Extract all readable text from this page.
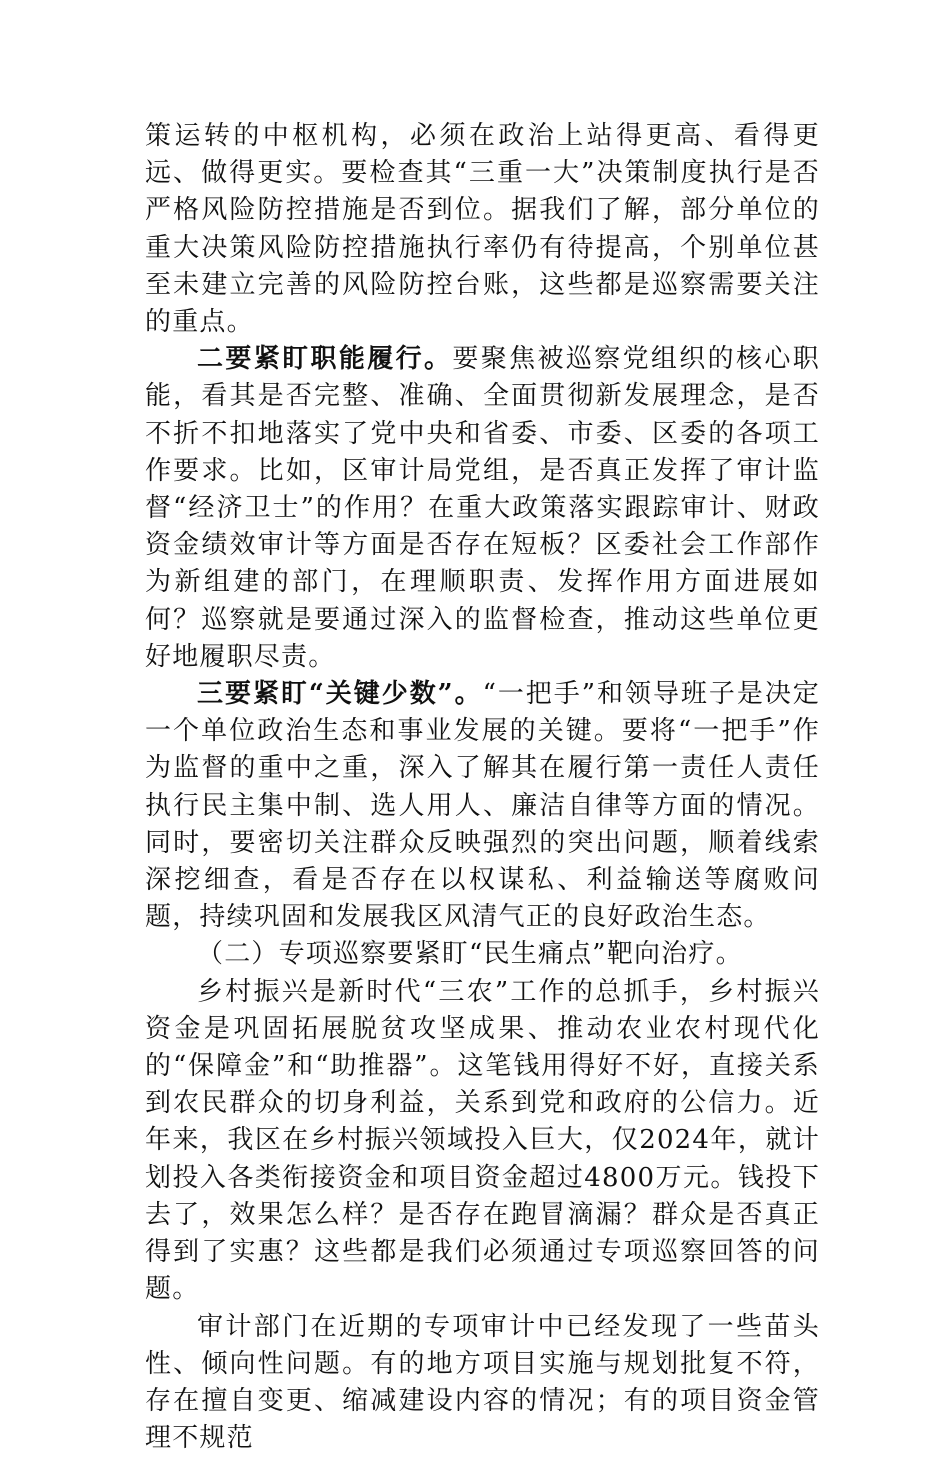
策运转的中枢机构，必须在政治上站得更高、看得更远、做得更实。要检查其“三重一大”决策制度执行是否严格风险防控措施是否到位。据我们了解，部分单位的重大决策风险防控措施执行率仍有待提高，个别单位甚至未建立完善的风险防控台账，这些都是巡察需要关注的重点。

二要紧盯职能履行。要聚焦被巡察党组织的核心职能，看其是否完整、准确、全面贯彻新发展理念，是否不折不扣地落实了党中央和省委、市委、区委的各项工作要求。比如，区审计局党组，是否真正发挥了审计监督“经济卫士”的作用？在重大政策落实跟踪审计、财政资金绩效审计等方面是否存在短板？区委社会工作部作为新组建的部门，在理顺职责、发挥作用方面进展如何？巡察就是要通过深入的监督检查，推动这些单位更好地履职尽责。

三要紧盯“关键少数”。“一把手”和领导班子是决定一个单位政治生态和事业发展的关键。要将“一把手”作为监督的重中之重，深入了解其在履行第一责任人责任执行民主集中制、选人用人、廉洁自律等方面的情况。同时，要密切关注群众反映强烈的突出问题，顺着线索深挖细查，看是否存在以权谋私、利益输送等腐败问题，持续巩固和发展我区风清气正的良好政治生态。

（二）专项巡察要紧盯“民生痛点”靶向治疗。

乡村振兴是新时代“三农”工作的总抓手，乡村振兴资金是巩固拓展脱贫攻坚成果、推动农业农村现代化的“保障金”和“助推器”。这笔钱用得好不好，直接关系到农民群众的切身利益，关系到党和政府的公信力。近年来，我区在乡村振兴领域投入巨大，仅2024年，就计划投入各类衔接资金和项目资金超过4800万元。钱投下去了，效果怎么样？是否存在跑冒滴漏？群众是否真正得到了实惠？这些都是我们必须通过专项巡察回答的问题。

审计部门在近期的专项审计中已经发现了一些苗头性、倾向性问题。有的地方项目实施与规划批复不符，存在擅自变更、缩减建设内容的情况；有的项目资金管理不规范
